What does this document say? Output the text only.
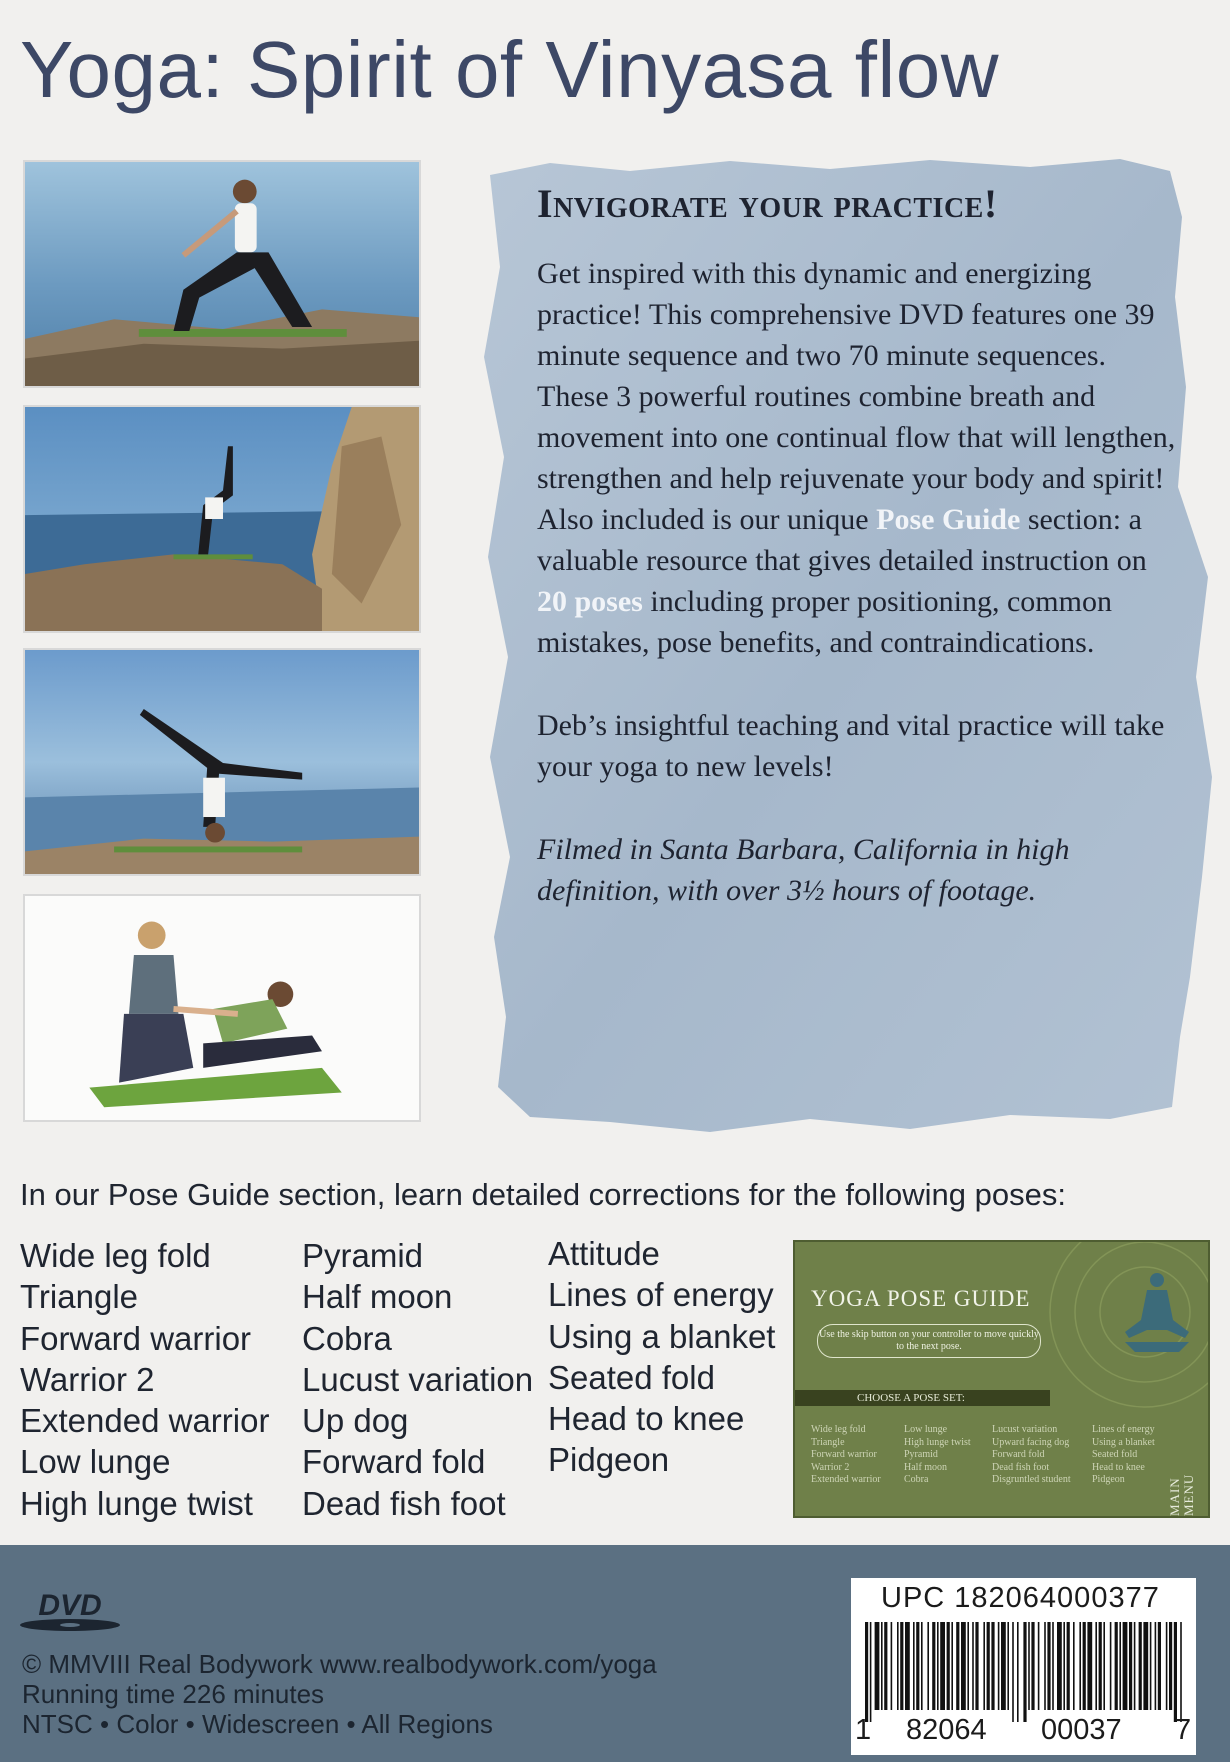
Yoga: Spirit of Vinyasa flow
Invigorate your practice!
Get inspired with this dynamic and energizing practice! This comprehensive DVD features one 39 minute sequence and two 70 minute sequences. These 3 powerful routines combine breath and movement into one continual flow that will lengthen, strengthen and help rejuvenate your body and spirit! Also included is our unique Pose Guide section: a valuable resource that gives detailed instruction on 20 poses including proper positioning, common mistakes, pose benefits, and contraindications.
Deb’s insightful teaching and vital practice will take your yoga to new levels!
Filmed in Santa Barbara, California in high definition, with over 3½ hours of footage.
In our Pose Guide section, learn detailed corrections for the following poses:
Wide leg fold
Triangle
Forward warrior
Warrior 2
Extended warrior
Low lunge
High lunge twist
Pyramid
Half moon
Cobra
Lucust variation
Up dog
Forward fold
Dead fish foot
Attitude
Lines of energy
Using a blanket
Seated fold
Head to knee
Pidgeon
YOGA POSE GUIDE
Use the skip button on your controller to move quickly to the next pose.
CHOOSE A POSE SET:
Wide leg fold
Triangle
Forward warrior
Warrior 2
Extended warrior
Low lunge
High lunge twist
Pyramid
Half moon
Cobra
Lucust variation
Upward facing dog
Forward fold
Dead fish foot
Disgruntled student
Lines of energy
Using a blanket
Seated fold
Head to knee
Pidgeon	MAIN MENU
DVD
© MMVIII Real Bodywork www.realbodywork.com/yoga
Running time 226 minutes
NTSC • Color • Widescreen • All Regions
UPC 182064000377
1 82064 00037 7
